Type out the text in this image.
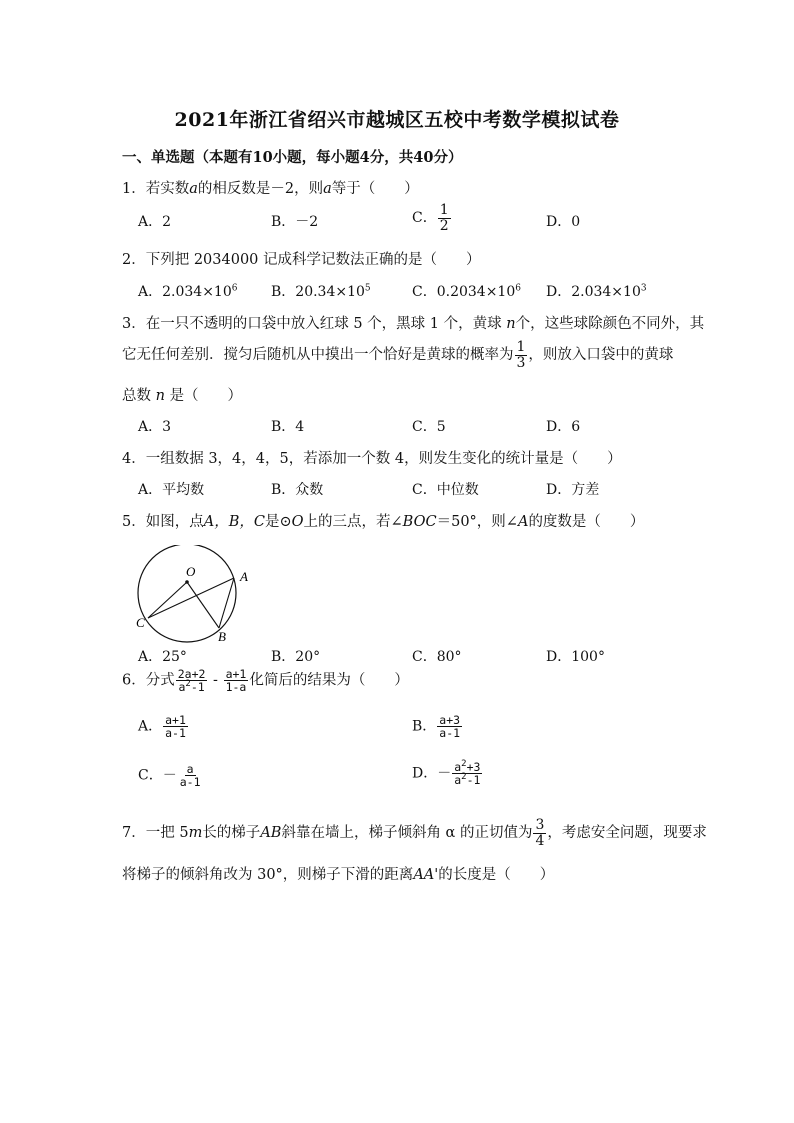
2021年浙江省绍兴市越城区五校中考数学模拟试卷
一、单选题（本题有10小题，每小题4分，共40分）
1．若实数a的相反数是－2，则a等于（　　）
A．2	B．－2	C． $\frac{1}{2}$	D．0
2．下列把 2034000 记成科学记数法正确的是（　　）
A．$2.034\times 10^6$ B．$20.34\times 10^5$	C．$0.2034\times 10^6$ D．$2.034\times 10^3$
3．在一只不透明的口袋中放入红球 5 个，黑球 1 个，黄球 n个，这些球除颜色不同外，其
它无任何差别．搅匀后随机从中摸出一个恰好是黄球的概率为 $\frac{1}{3}$ ，则放入口袋中的黄球
总数 n 是（　　）
A．3	B．4	C．5	D．6
4．一组数据 3，4，4，5，若添加一个数 4，则发生变化的统计量是（　　）
A．平均数	B．众数	C．中位数	D．方差
5．如图，点A，B，C是⊙O上的三点，若∠BOC＝50°，则∠A的度数是（　　）
O	A
B
C
A．25°	B．20°	C．80°	D．100°
6．分式 $\frac{2a+2}{a^2-1} - \frac{a+1}{1-a}$ 化简后的结果为（　　）
A． $\frac{a+1}{a-1}$	B． $\frac{a+3}{a-1}$
C．－ $\frac{a}{a-1}$	D．－ $\frac{a^2+3}{a^2-1}$
7．一把 5m长的梯子AB斜靠在墙上，梯子倾斜角 α 的正切值为 $\frac{3}{4}$ ，考虑安全问题，现要求
将梯子的倾斜角改为 30°，则梯子下滑的距离AA'的长度是（　　）
